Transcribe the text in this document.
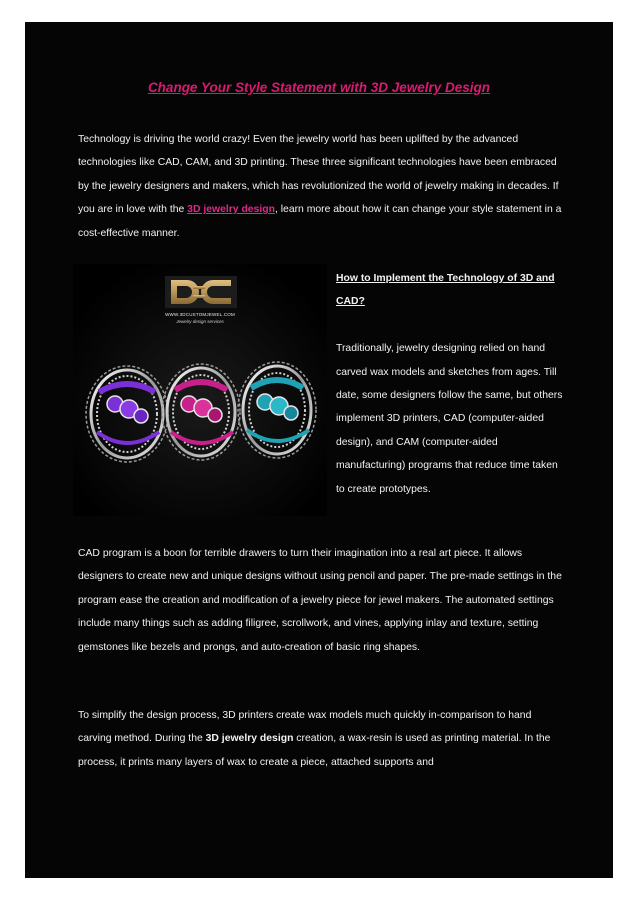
Change Your Style Statement with 3D Jewelry Design
Technology is driving the world crazy! Even the jewelry world has been uplifted by the advanced technologies like CAD, CAM, and 3D printing. These three significant technologies have been embraced by the jewelry designers and makers, which has revolutionized the world of jewelry making in decades. If you are in love with the 3D jewelry design, learn more about how it can change your style statement in a cost-effective manner.
WWW.3DCUSTOMJEWEL.COM
Jewelry design services
How to Implement the Technology of 3D and CAD?
Traditionally, jewelry designing relied on hand carved wax models and sketches from ages. Till date, some designers follow the same, but others implement 3D printers, CAD (computer-aided design), and CAM (computer-aided manufacturing) programs that reduce time taken to create prototypes.
CAD program is a boon for terrible drawers to turn their imagination into a real art piece. It allows designers to create new and unique designs without using pencil and paper. The pre-made settings in the program ease the creation and modification of a jewelry piece for jewel makers. The automated settings include many things such as adding filigree, scrollwork, and vines, applying inlay and texture, setting gemstones like bezels and prongs, and auto-creation of basic ring shapes.
To simplify the design process, 3D printers create wax models much quickly in-comparison to hand carving method. During the 3D jewelry design creation, a wax-resin is used as printing material. In the process, it prints many layers of wax to create a piece, attached supports and
